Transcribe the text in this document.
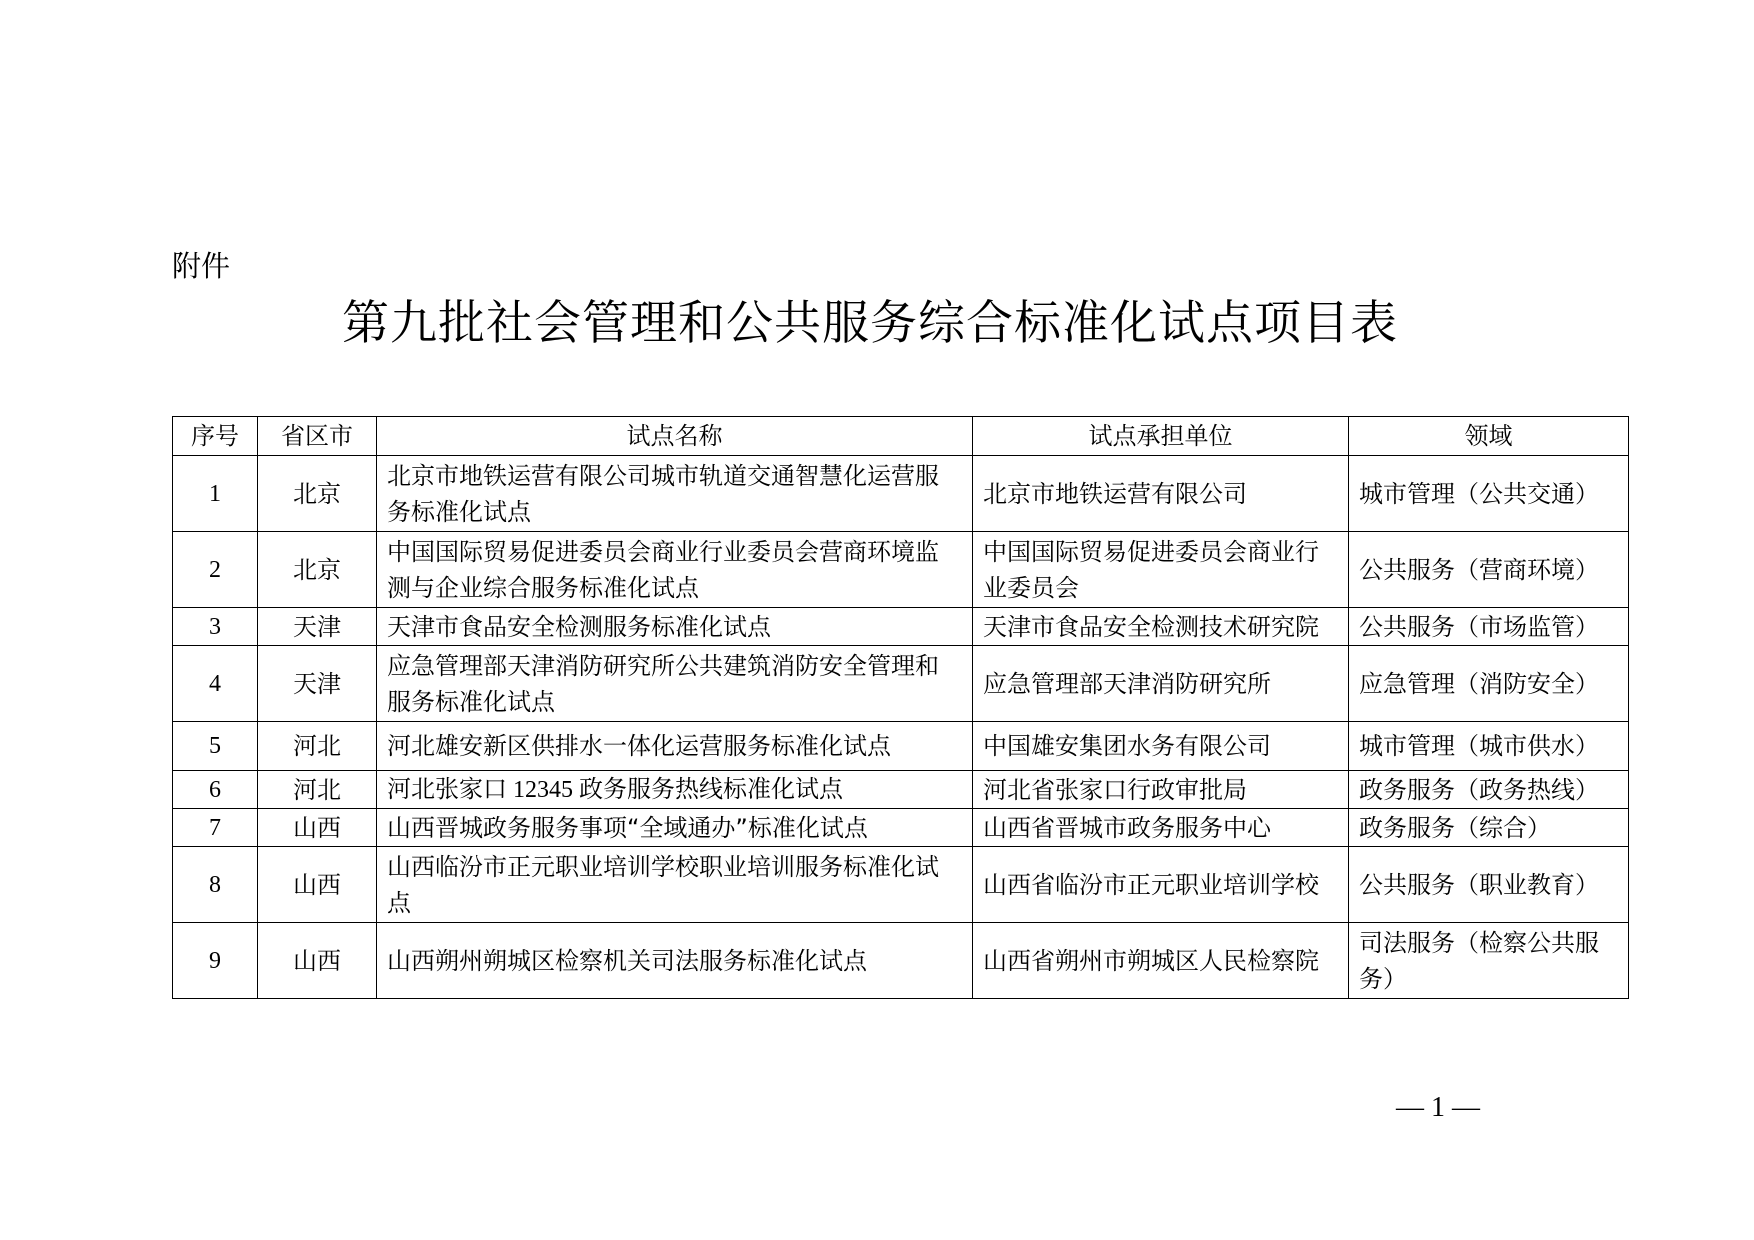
附件
第九批社会管理和公共服务综合标准化试点项目表
序号	省区市	试点名称	试点承担单位	领域
1	北京	北京市地铁运营有限公司城市轨道交通智慧化运营服务标准化试点	北京市地铁运营有限公司	城市管理（公共交通）
2	北京	中国国际贸易促进委员会商业行业委员会营商环境监测与企业综合服务标准化试点	中国国际贸易促进委员会商业行业委员会	公共服务（营商环境）
3	天津	天津市食品安全检测服务标准化试点	天津市食品安全检测技术研究院	公共服务（市场监管）
4	天津	应急管理部天津消防研究所公共建筑消防安全管理和服务标准化试点	应急管理部天津消防研究所	应急管理（消防安全）
5	河北	河北雄安新区供排水一体化运营服务标准化试点	中国雄安集团水务有限公司	城市管理（城市供水）
6	河北	河北张家口 12345 政务服务热线标准化试点	河北省张家口行政审批局	政务服务（政务热线）
7	山西	山西晋城政务服务事项“全域通办”标准化试点	山西省晋城市政务服务中心	政务服务（综合）
8	山西	山西临汾市正元职业培训学校职业培训服务标准化试点	山西省临汾市正元职业培训学校	公共服务（职业教育）
9	山西	山西朔州朔城区检察机关司法服务标准化试点	山西省朔州市朔城区人民检察院	司法服务（检察公共服务）
— 1 —
